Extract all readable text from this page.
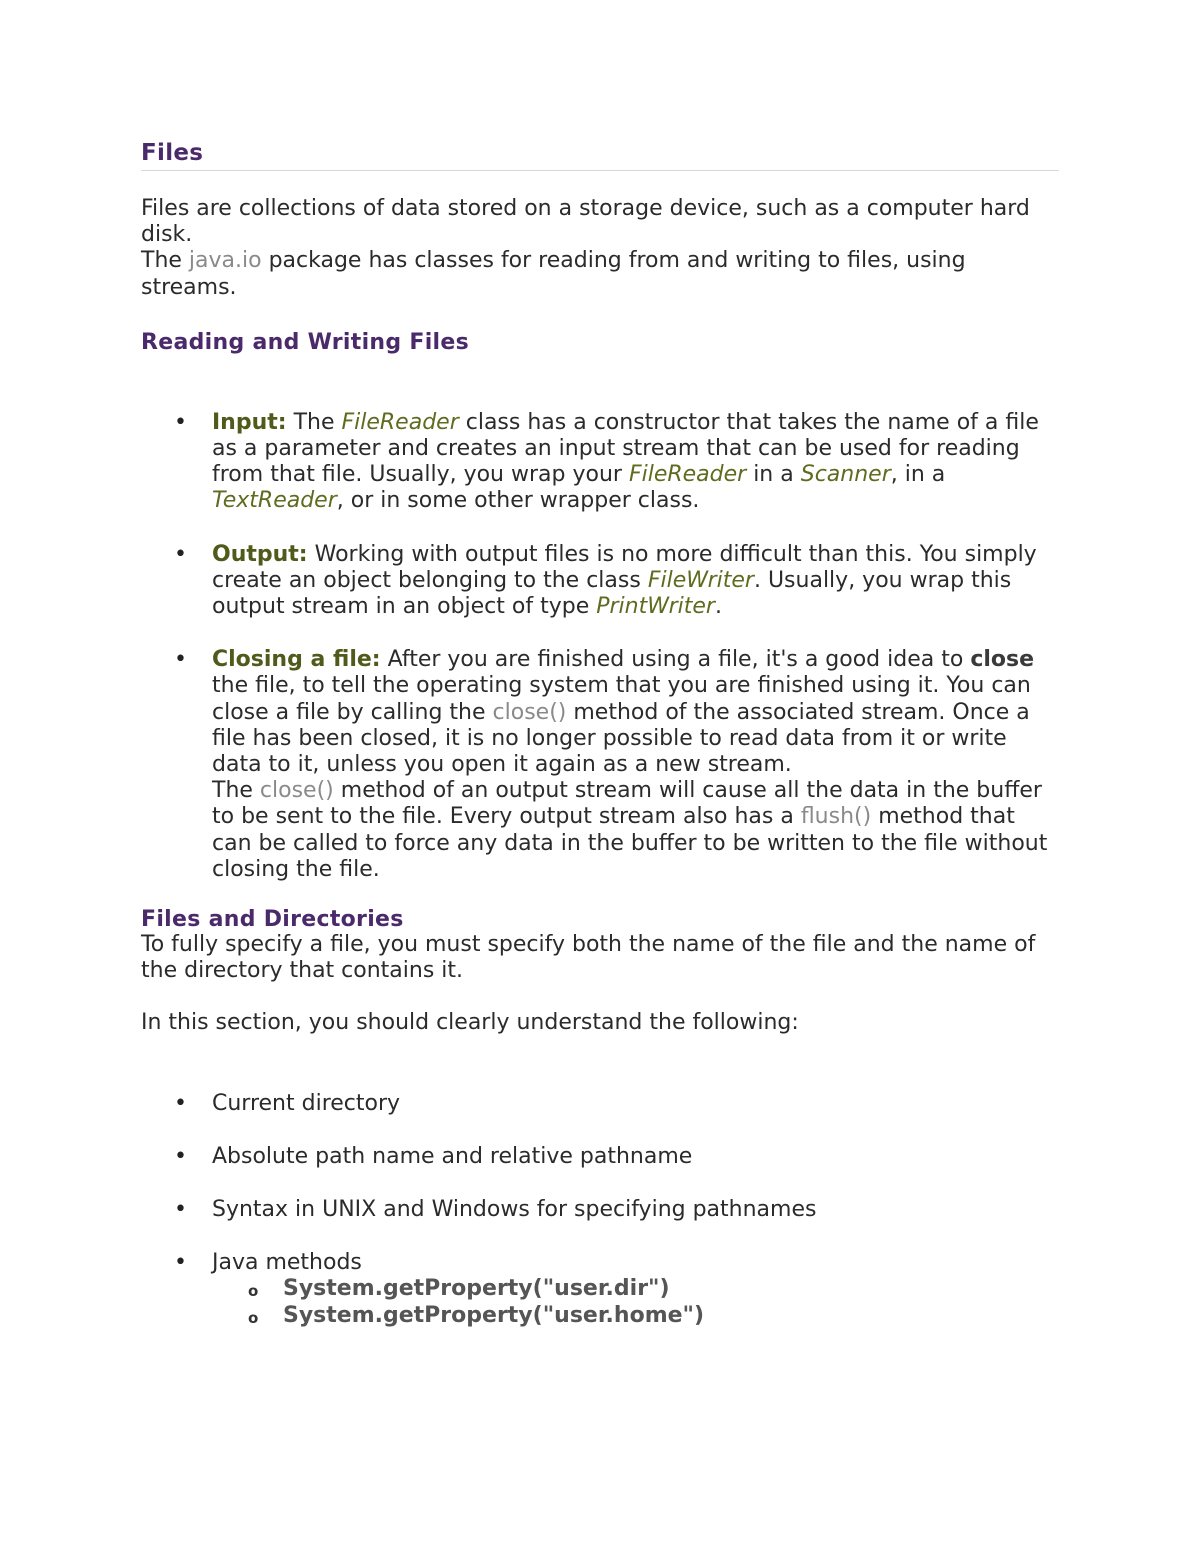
Files

Files are collections of data stored on a storage device, such as a computer hard disk.
The java.io package has classes for reading from and writing to files, using streams.

Reading and Writing Files
• Input: The FileReader class has a constructor that takes the name of a file as a parameter and creates an input stream that can be used for reading from that file. Usually, you wrap your FileReader in a Scanner, in a TextReader, or in some other wrapper class.
• Output: Working with output files is no more difficult than this. You simply create an object belonging to the class FileWriter. Usually, you wrap this output stream in an object of type PrintWriter.
• Closing a file: After you are finished using a file, it's a good idea to close the file, to tell the operating system that you are finished using it. You can close a file by calling the close() method of the associated stream. Once a file has been closed, it is no longer possible to read data from it or write data to it, unless you open it again as a new stream.
The close() method of an output stream will cause all the data in the buffer to be sent to the file. Every output stream also has a flush() method that can be called to force any data in the buffer to be written to the file without closing the file.
Files and Directories

To fully specify a file, you must specify both the name of the file and the name of the directory that contains it.

In this section, you should clearly understand the following:

• Current directory
• Absolute path name and relative pathname
• Syntax in UNIX and Windows for specifying pathnames
• Java methods
o System.getProperty("user.dir")
o System.getProperty("user.home")
